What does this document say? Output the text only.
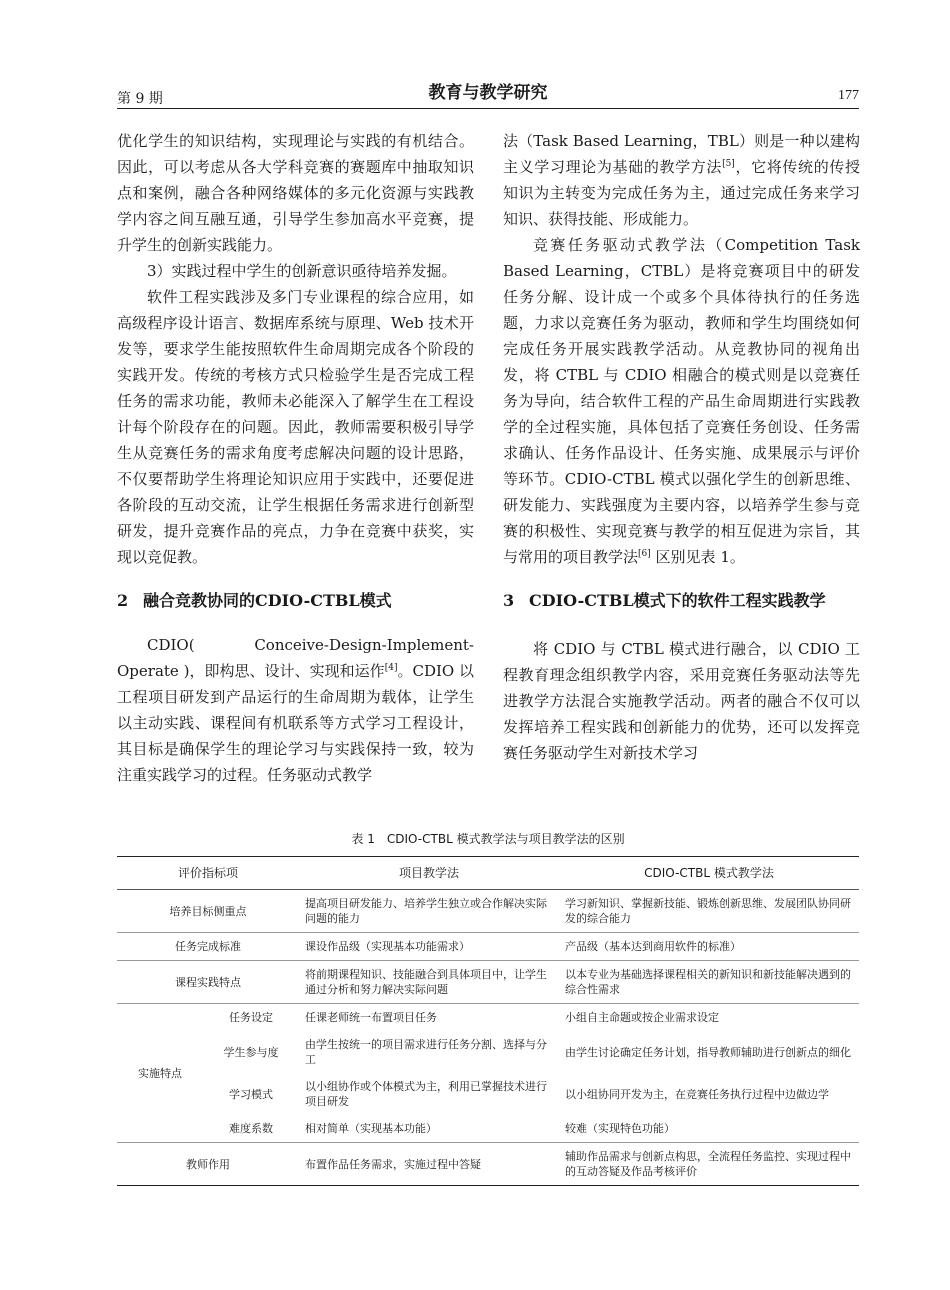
第 9 期	教育与教学研究	177

优化学生的知识结构，实现理论与实践的有机结合。因此，可以考虑从各大学科竞赛的赛题库中抽取知识点和案例，融合各种网络媒体的多元化资源与实践教学内容之间互融互通，引导学生参加高水平竞赛，提升学生的创新实践能力。

3）实践过程中学生的创新意识亟待培养发掘。

软件工程实践涉及多门专业课程的综合应用，如高级程序设计语言、数据库系统与原理、Web 技术开发等，要求学生能按照软件生命周期完成各个阶段的实践开发。传统的考核方式只检验学生是否完成工程任务的需求功能，教师未必能深入了解学生在工程设计每个阶段存在的问题。因此，教师需要积极引导学生从竞赛任务的需求角度考虑解决问题的设计思路，不仅要帮助学生将理论知识应用于实践中，还要促进各阶段的互动交流，让学生根据任务需求进行创新型研发，提升竞赛作品的亮点，力争在竞赛中获奖，实现以竞促教。

2 融合竞教协同的CDIO-CTBL模式

CDIO( Conceive-Design-Implement-Operate )，即构思、设计、实现和运作[4]。CDIO 以工程项目研发到产品运行的生命周期为载体，让学生以主动实践、课程间有机联系等方式学习工程设计，其目标是确保学生的理论学习与实践保持一致，较为注重实践学习的过程。任务驱动式教学

法（Task Based Learning，TBL）则是一种以建构主义学习理论为基础的教学方法[5]，它将传统的传授知识为主转变为完成任务为主，通过完成任务来学习知识、获得技能、形成能力。

竞赛任务驱动式教学法（Competition Task Based Learning，CTBL）是将竞赛项目中的研发任务分解、设计成一个或多个具体待执行的任务选题，力求以竞赛任务为驱动，教师和学生均围绕如何完成任务开展实践教学活动。从竞教协同的视角出发，将 CTBL 与 CDIO 相融合的模式则是以竞赛任务为导向，结合软件工程的产品生命周期进行实践教学的全过程实施，具体包括了竞赛任务创设、任务需求确认、任务作品设计、任务实施、成果展示与评价等环节。CDIO-CTBL 模式以强化学生的创新思维、研发能力、实践强度为主要内容，以培养学生参与竞赛的积极性、实现竞赛与教学的相互促进为宗旨，其与常用的项目教学法[6] 区别见表 1。

3 CDIO-CTBL模式下的软件工程实践教学

将 CDIO 与 CTBL 模式进行融合，以 CDIO 工程教育理念组织教学内容，采用竞赛任务驱动法等先进教学方法混合实施教学活动。两者的融合不仅可以发挥培养工程实践和创新能力的优势，还可以发挥竞赛任务驱动学生对新技术学习

表 1　CDIO-CTBL 模式教学法与项目教学法的区别
评价指标项		项目教学法	CDIO-CTBL 模式教学法
培养目标侧重点		提高项目研发能力、培养学生独立或合作解决实际问题的能力	学习新知识、掌握新技能、锻炼创新思维、发展团队协同研发的综合能力
任务完成标准		课设作品级（实现基本功能需求）	产品级（基本达到商用软件的标准）
课程实践特点		将前期课程知识、技能融合到具体项目中，让学生通过分析和努力解决实际问题	以本专业为基础选择课程相关的新知识和新技能解决遇到的综合性需求
实施特点	任务设定	任课老师统一布置项目任务	小组自主命题或按企业需求设定
	学生参与度	由学生按统一的项目需求进行任务分割、选择与分工	由学生讨论确定任务计划，指导教师辅助进行创新点的细化
	学习模式	以小组协作或个体模式为主，利用已掌握技术进行项目研发	以小组协同开发为主，在竞赛任务执行过程中边做边学
	难度系数	相对简单（实现基本功能）	较难（实现特色功能）
教师作用		布置作品任务需求，实施过程中答疑	辅助作品需求与创新点构思，全流程任务监控、实现过程中的互动答疑及作品考核评价
